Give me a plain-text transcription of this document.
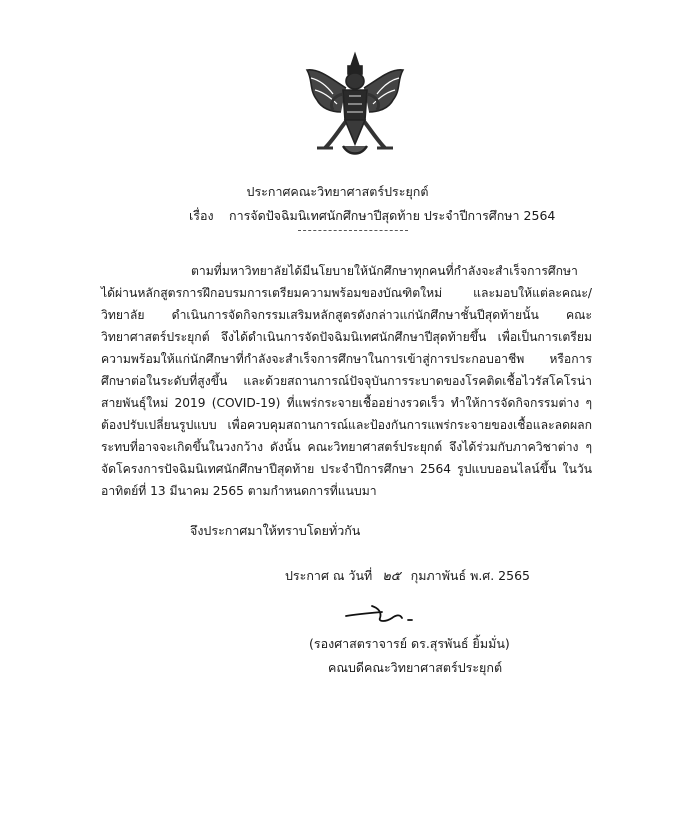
ประกาศคณะวิทยาศาสตร์ประยุกต์
เรื่อง การจัดปัจฉิมนิเทศนักศึกษาปีสุดท้าย ประจำปีการศึกษา 2564
ตามที่มหาวิทยาลัยได้มีนโยบายให้นักศึกษาทุกคนที่กำลังจะสำเร็จการศึกษา ได้ผ่านหลักสูตรการฝึกอบรมการเตรียมความพร้อมของบัณฑิตใหม่ และมอบให้แต่ละคณะ/วิทยาลัย ดำเนินการจัดกิจกรรมเสริมหลักสูตรดังกล่าวแก่นักศึกษาชั้นปีสุดท้ายนั้น คณะวิทยาศาสตร์ประยุกต์ จึงได้ดำเนินการจัดปัจฉิมนิเทศนักศึกษาปีสุดท้ายขึ้น เพื่อเป็นการเตรียมความพร้อมให้แก่นักศึกษาที่กำลังจะสำเร็จการศึกษาในการเข้าสู่การประกอบอาชีพ หรือการศึกษาต่อในระดับที่สูงขึ้น และด้วยสถานการณ์ปัจจุบันการระบาดของโรคติดเชื้อไวรัสโคโรน่าสายพันธุ์ใหม่ 2019 (COVID-19) ที่แพร่กระจายเชื้ออย่างรวดเร็ว ทำให้การจัดกิจกรรมต่าง ๆ ต้องปรับเปลี่ยนรูปแบบ เพื่อควบคุมสถานการณ์และป้องกันการแพร่กระจายของเชื้อและลดผลกระทบที่อาจจะเกิดขึ้นในวงกว้าง ดังนั้น คณะวิทยาศาสตร์ประยุกต์ จึงได้ร่วมกับภาควิชาต่าง ๆ จัดโครงการปัจฉิมนิเทศนักศึกษาปีสุดท้าย ประจำปีการศึกษา 2564 รูปแบบออนไลน์ขึ้น ในวันอาทิตย์ที่ 13 มีนาคม 2565 ตามกำหนดการที่แนบมา
จึงประกาศมาให้ทราบโดยทั่วกัน
ประกาศ ณ วันที่ ๒๕ กุมภาพันธ์ พ.ศ. 2565
(รองศาสตราจารย์ ดร.สุรพันธ์ ยิ้มมั่น)
คณบดีคณะวิทยาศาสตร์ประยุกต์
